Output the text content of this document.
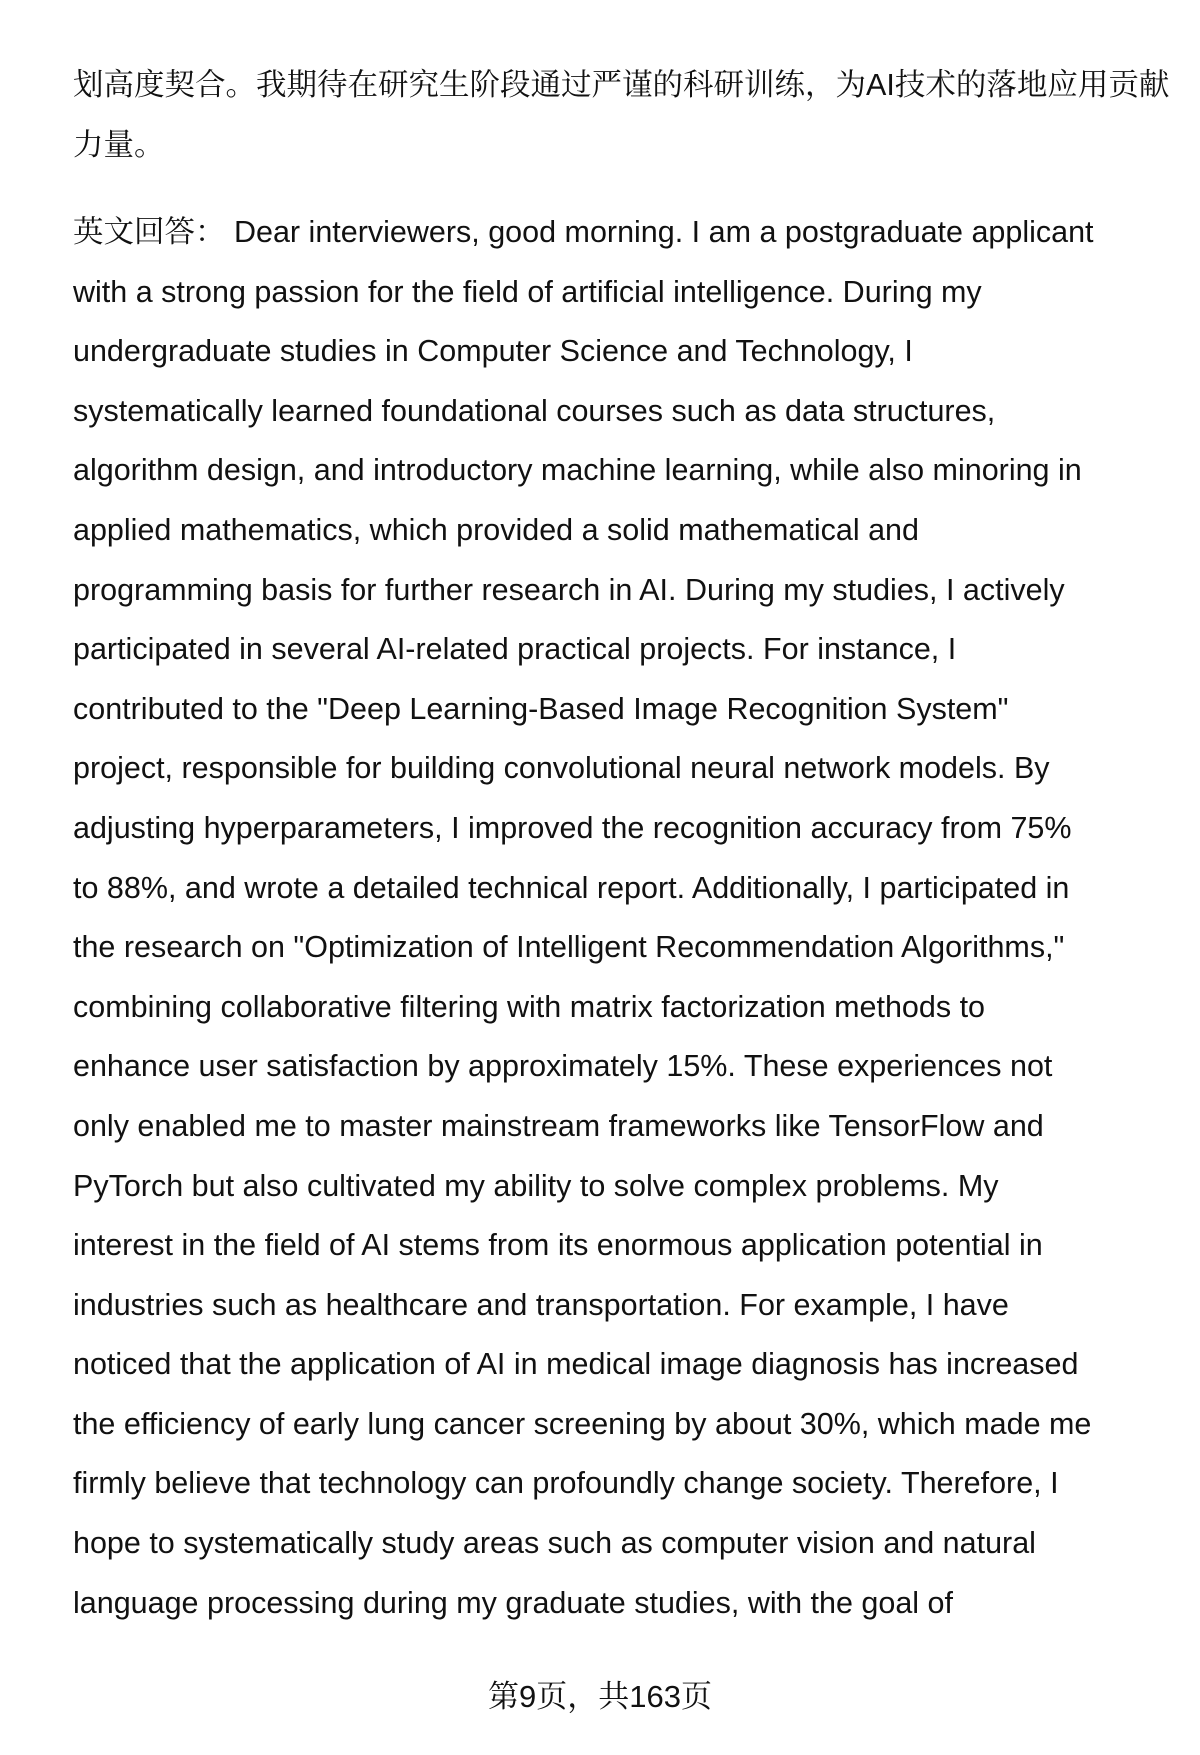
划高度契合。我期待在研究生阶段通过严谨的科研训练，为AI技术的落地应用贡献
力量。
英文回答： Dear interviewers, good morning. I am a postgraduate applicant
with a strong passion for the field of artificial intelligence. During my
undergraduate studies in Computer Science and Technology, I
systematically learned foundational courses such as data structures,
algorithm design, and introductory machine learning, while also minoring in
applied mathematics, which provided a solid mathematical and
programming basis for further research in AI. During my studies, I actively
participated in several AI-related practical projects. For instance, I
contributed to the "Deep Learning-Based Image Recognition System"
project, responsible for building convolutional neural network models. By
adjusting hyperparameters, I improved the recognition accuracy from 75%
to 88%, and wrote a detailed technical report. Additionally, I participated in
the research on "Optimization of Intelligent Recommendation Algorithms,"
combining collaborative filtering with matrix factorization methods to
enhance user satisfaction by approximately 15%. These experiences not
only enabled me to master mainstream frameworks like TensorFlow and
PyTorch but also cultivated my ability to solve complex problems. My
interest in the field of AI stems from its enormous application potential in
industries such as healthcare and transportation. For example, I have
noticed that the application of AI in medical image diagnosis has increased
the efficiency of early lung cancer screening by about 30%, which made me
firmly believe that technology can profoundly change society. Therefore, I
hope to systematically study areas such as computer vision and natural
language processing during my graduate studies, with the goal of
第9页，共163页
